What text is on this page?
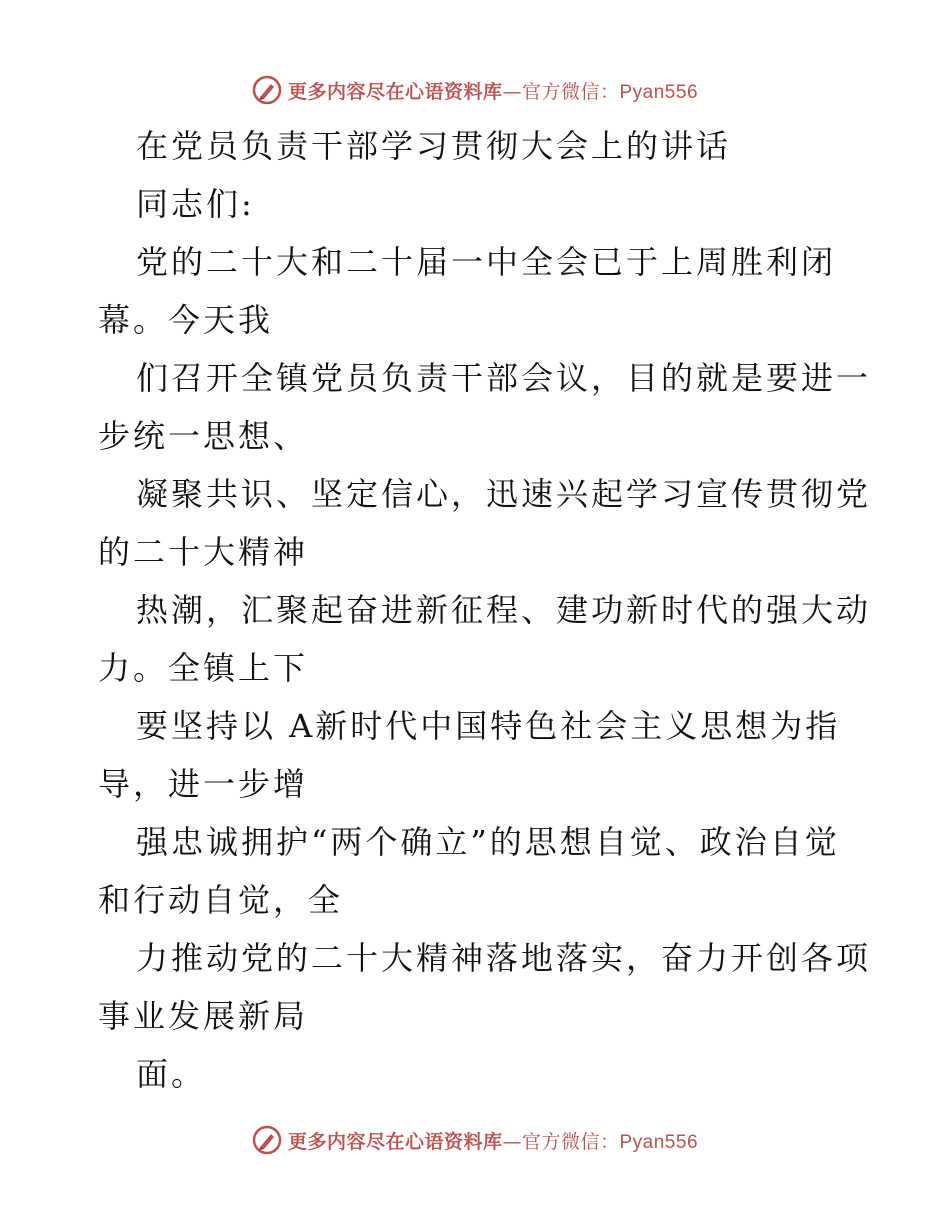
更多内容尽在心语资料库—官方微信：Pyan556
在党员负责干部学习贯彻大会上的讲话
同志们:
党的二十大和二十届一中全会已于上周胜利闭
幕。今天我
们召开全镇党员负责干部会议，目的就是要进一
步统一思想、
凝聚共识、坚定信心，迅速兴起学习宣传贯彻党
的二十大精神
热潮，汇聚起奋进新征程、建功新时代的强大动
力。全镇上下
要坚持以 A新时代中国特色社会主义思想为指
导，进一步增
强忠诚拥护“两个确立”的思想自觉、政治自觉
和行动自觉，全
力推动党的二十大精神落地落实，奋力开创各项
事业发展新局
面。
更多内容尽在心语资料库—官方微信：Pyan556
